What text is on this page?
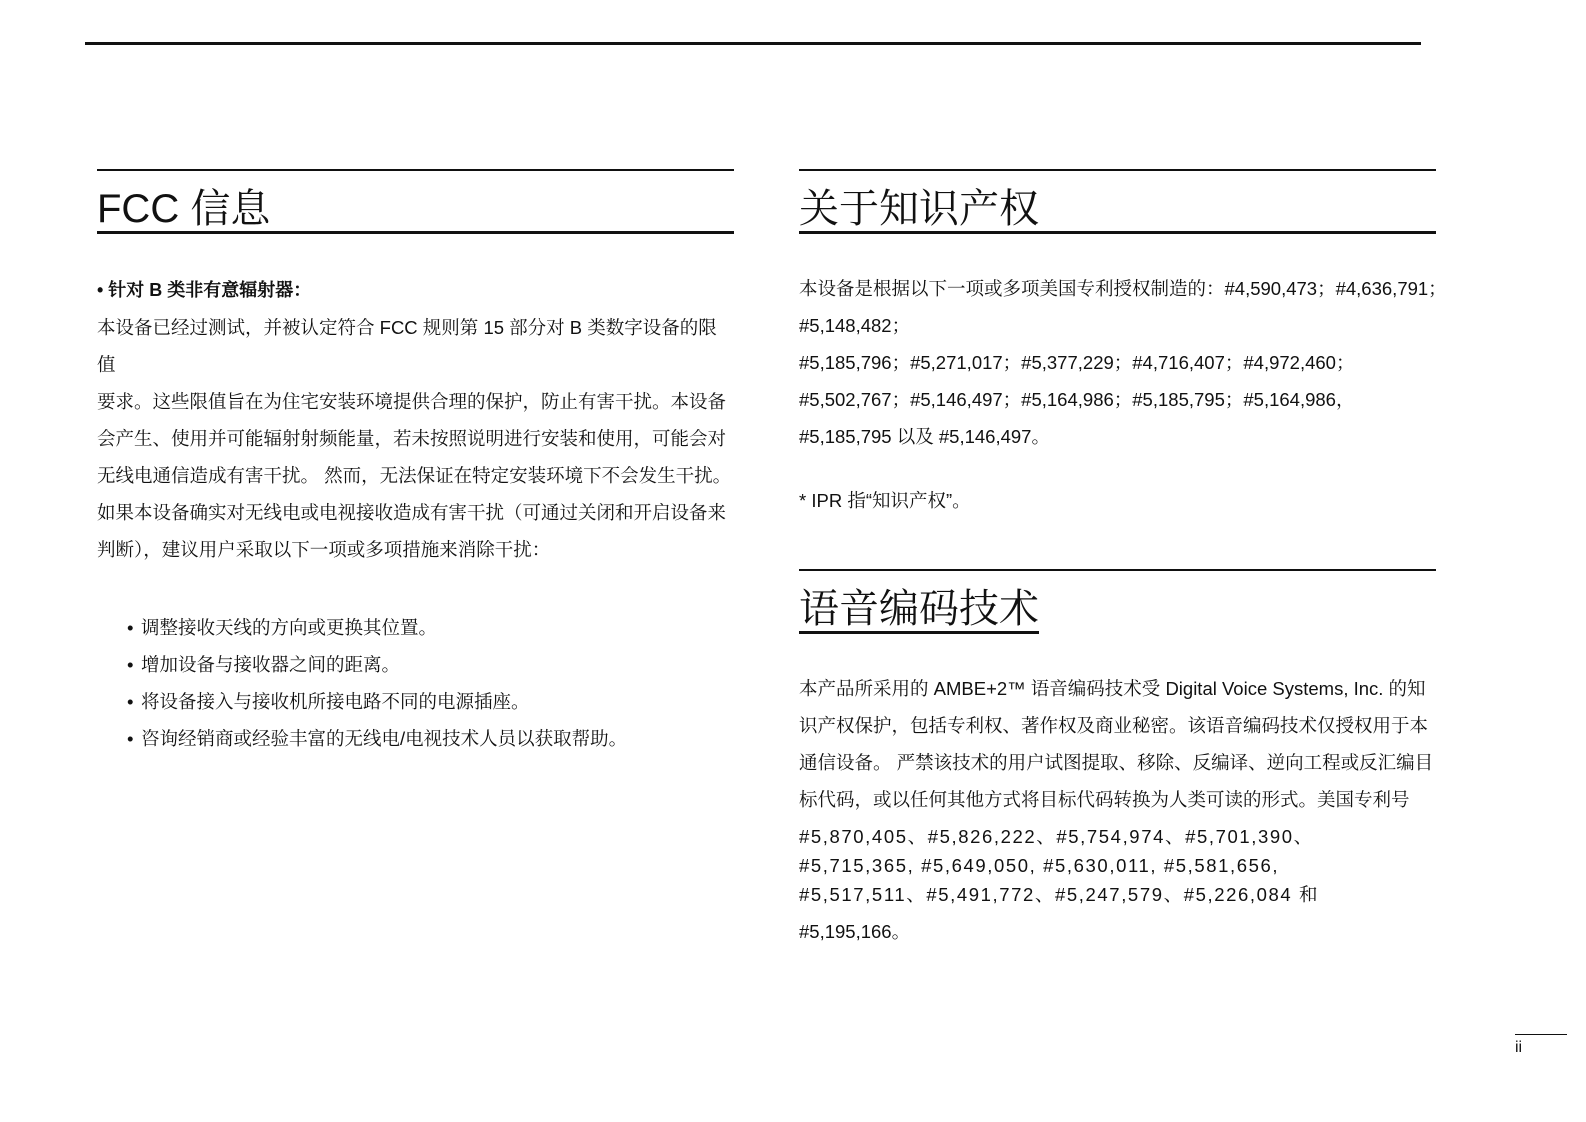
FCC 信息

• 针对 B 类非有意辐射器：

本设备已经过测试，并被认定符合 FCC 规则第 15 部分对 B 类数字设备的限值

要求。这些限值旨在为住宅安装环境提供合理的保护，防止有害干扰。本设备

会产生、使用并可能辐射射频能量，若未按照说明进行安装和使用，可能会对

无线电通信造成有害干扰。 然而，无法保证在特定安装环境下不会发生干扰。

如果本设备确实对无线电或电视接收造成有害干扰（可通过关闭和开启设备来

判断），建议用户采取以下一项或多项措施来消除干扰：

• 调整接收天线的方向或更换其位置。
• 增加设备与接收器之间的距离。
• 将设备接入与接收机所接电路不同的电源插座。
• 咨询经销商或经验丰富的无线电/电视技术人员以获取帮助。
关于知识产权
本设备是根据以下一项或多项美国专利授权制造的：#4,590,473；#4,636,791；
#5,148,482；
#5,185,796；#5,271,017；#5,377,229；#4,716,407；#4,972,460；
#5,502,767；#5,146,497；#5,164,986；#5,185,795；#5,164,986，
#5,185,795 以及 #5,146,497。

* IPR 指“知识产权”。

语音编码技术

本产品所采用的 AMBE+2™ 语音编码技术受 Digital Voice Systems, Inc. 的知

识产权保护，包括专利权、著作权及商业秘密。该语音编码技术仅授权用于本

通信设备。 严禁该技术的用户试图提取、移除、反编译、逆向工程或反汇编目

标代码，或以任何其他方式将目标代码转换为人类可读的形式。美国专利号

#5,870,405、#5,826,222、#5,754,974、#5,701,390、
#5,715,365, #5,649,050, #5,630,011, #5,581,656,
#5,517,511、#5,491,772、#5,247,579、#5,226,084 和

#5,195,166。

ii
